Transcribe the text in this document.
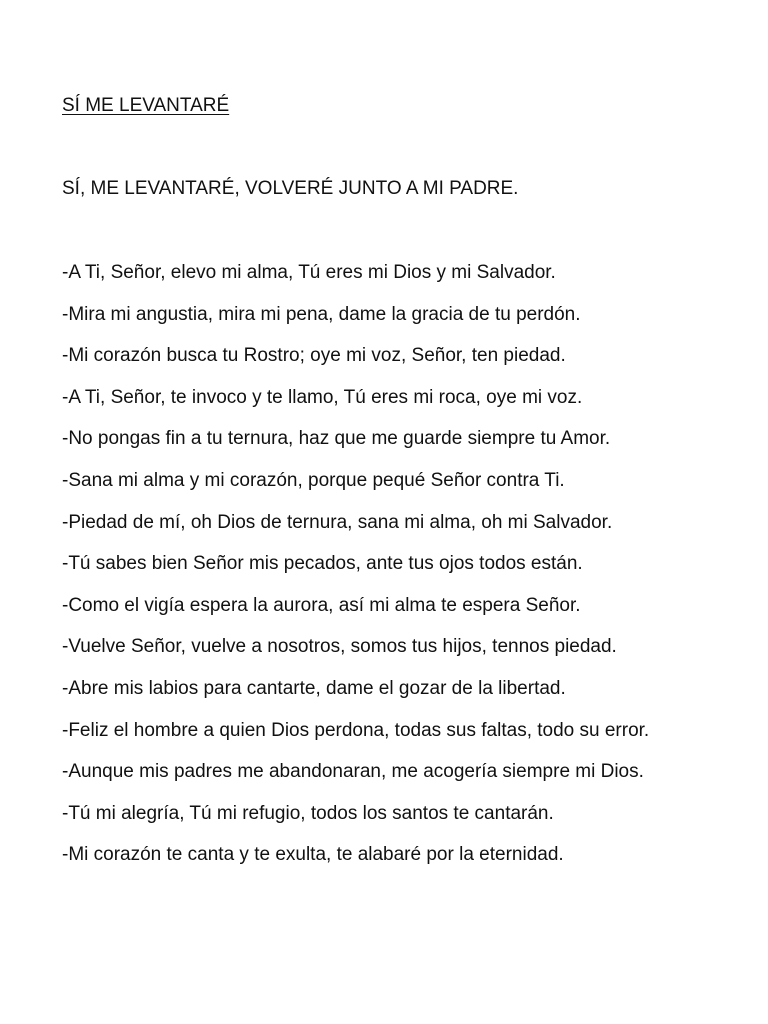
SÍ ME LEVANTARÉ
SÍ, ME LEVANTARÉ, VOLVERÉ JUNTO A MI PADRE.
-A Ti, Señor, elevo mi alma, Tú eres mi Dios y mi Salvador.
-Mira mi angustia, mira mi pena, dame la gracia de tu perdón.
-Mi corazón busca tu Rostro; oye mi voz, Señor, ten piedad.
-A Ti, Señor, te invoco y te llamo, Tú eres mi roca, oye mi voz.
-No pongas fin a tu ternura, haz que me guarde siempre tu Amor.
-Sana mi alma y mi corazón, porque pequé Señor contra Ti.
-Piedad de mí, oh Dios de ternura, sana mi alma, oh mi Salvador.
-Tú sabes bien Señor mis pecados, ante tus ojos todos están.
-Como el vigía espera la aurora, así mi alma te espera Señor.
-Vuelve Señor, vuelve a nosotros, somos tus hijos, tennos piedad.
-Abre mis labios para cantarte, dame el gozar de la libertad.
-Feliz el hombre a quien Dios perdona, todas sus faltas, todo su error.
-Aunque mis padres me abandonaran, me acogería siempre mi Dios.
-Tú mi alegría, Tú mi refugio, todos los santos te cantarán.
-Mi corazón te canta y te exulta, te alabaré por la eternidad.
